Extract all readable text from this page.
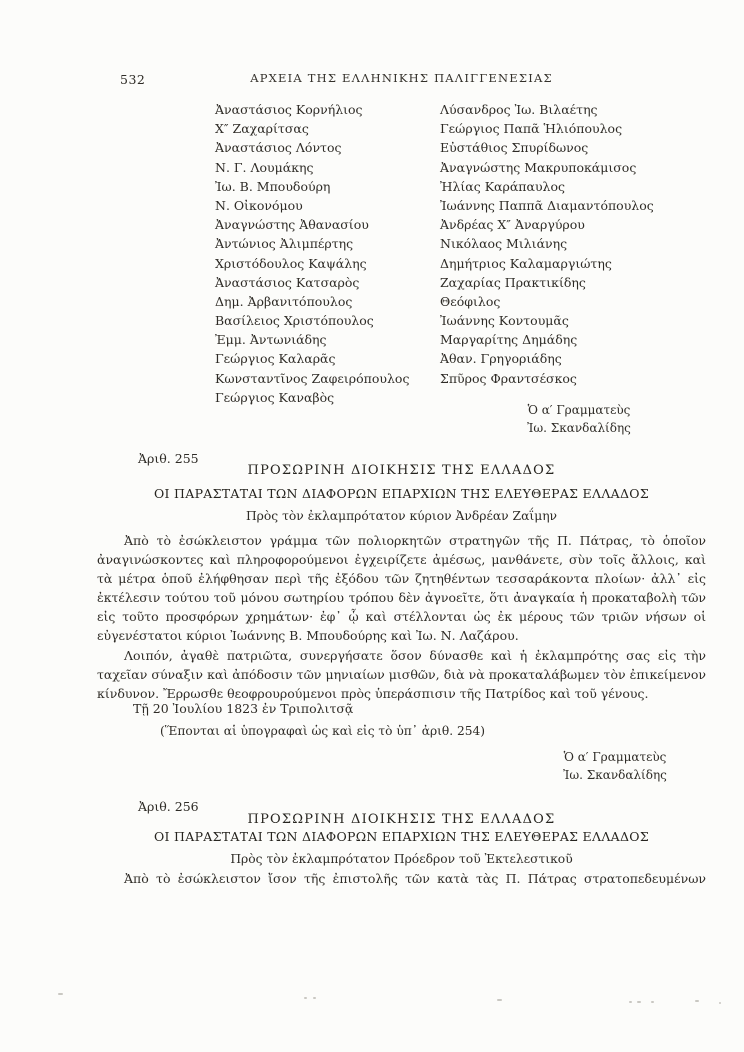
532	ΑΡΧΕΙΑ ΤΗΣ ΕΛΛΗΝΙΚΗΣ ΠΑΛΙΓΓΕΝΕΣΙΑΣ
Ἀναστάσιος Κορνήλιος	Λύσανδρος Ἰω. Βιλαέτης
Χ″ Ζαχαρίτσας	Γεώργιος Παπᾶ Ἡλιόπουλος
Ἀναστάσιος Λόντος	Εὐστάθιος Σπυρίδωνος
Ν. Γ. Λουμάκης	Ἀναγνώστης Μακρυποκάμισος
Ἰω. Β. Μπουδούρη	Ἠλίας Καράπαυλος
Ν. Οἰκονόμου	Ἰωάννης Παππᾶ Διαμαντόπουλος
Ἀναγνώστης Ἀθανασίου	Ἀνδρέας Χ″ Ἀναργύρου
Ἀντώνιος Ἀλιμπέρτης	Νικόλαος Μιλιάνης
Χριστόδουλος Καψάλης	Δημήτριος Καλαμαργιώτης
Ἀναστάσιος Κατσαρὸς	Ζαχαρίας Πρακτικίδης
Δημ. Ἀρβανιτόπουλος	Θεόφιλος
Βασίλειος Χριστόπουλος	Ἰωάννης Κοντουμᾶς
Ἐμμ. Ἀντωνιάδης	Μαργαρίτης Δημάδης
Γεώργιος Καλαρᾶς	Ἀθαν. Γρηγοριάδης
Κωνσταντῖνος Ζαφειρόπουλος	Σπῦρος Φραντσέσκος
Γεώργιος Καναβὸς
Ὁ α′ Γραμματεὺς
Ἰω. Σκανδαλίδης
Ἀριθ. 255
ΠΡΟΣΩΡΙΝΗ ΔΙΟΙΚΗΣΙΣ ΤΗΣ ΕΛΛΑΔΟΣ
ΟΙ ΠΑΡΑΣΤΑΤΑΙ ΤΩΝ ΔΙΑΦΟΡΩΝ ΕΠΑΡΧΙΩΝ ΤΗΣ ΕΛΕΥΘΕΡΑΣ ΕΛΛΑΔΟΣ
Πρὸς τὸν ἐκλαμπρότατον κύριον Ἀνδρέαν Ζαΐμην

Ἀπὸ τὸ ἐσώκλειστον γράμμα τῶν πολιορκητῶν στρατηγῶν τῆς Π. Πάτρας, τὸ ὁποῖον ἀναγινώσκοντες καὶ πληροφορούμενοι ἐγχειρίζετε ἀμέσως, μανθάνετε, σὺν τοῖς ἄλλοις, καὶ τὰ μέτρα ὁποῦ ἐλήφθησαν περὶ τῆς ἐξόδου τῶν ζητηθέντων τεσσαράκοντα πλοίων· ἀλλ᾽ εἰς ἐκτέλεσιν τούτου τοῦ μόνου σωτηρίου τρόπου δὲν ἀγνοεῖτε, ὅτι ἀναγκαία ἡ προκαταβολὴ τῶν εἰς τοῦτο προσφόρων χρημάτων· ἐφ᾽ ᾧ καὶ στέλλονται ὡς ἐκ μέρους τῶν τριῶν νήσων οἱ εὐγενέστατοι κύριοι Ἰωάννης Β. Μπουδούρης καὶ Ἰω. Ν. Λαζάρου.

Λοιπόν, ἀγαθὲ πατριῶτα, συνεργήσατε ὅσον δύνασθε καὶ ἡ ἐκλαμπρότης σας εἰς τὴν ταχεῖαν σύναξιν καὶ ἀπόδοσιν τῶν μηνιαίων μισθῶν, διὰ νὰ προκαταλάβωμεν τὸν ἐπικείμενον κίνδυνον. Ἔρρωσθε θεοφρουρούμενοι πρὸς ὑπεράσπισιν τῆς Πατρίδος καὶ τοῦ γένους.

Τῇ 20 Ἰουλίου 1823 ἐν Τριπολιτσᾷ
(Ἕπονται αἱ ὑπογραφαὶ ὡς καὶ εἰς τὸ ὑπ᾽ ἀριθ. 254)
Ὁ α′ Γραμματεὺς
Ἰω. Σκανδαλίδης
Ἀριθ. 256
ΠΡΟΣΩΡΙΝΗ ΔΙΟΙΚΗΣΙΣ ΤΗΣ ΕΛΛΑΔΟΣ
ΟΙ ΠΑΡΑΣΤΑΤΑΙ ΤΩΝ ΔΙΑΦΟΡΩΝ ΕΠΑΡΧΙΩΝ ΤΗΣ ΕΛΕΥΘΕΡΑΣ ΕΛΛΑΔΟΣ
Πρὸς τὸν ἐκλαμπρότατον Πρόεδρον τοῦ Ἐκτελεστικοῦ

Ἀπὸ τὸ ἐσώκλειστον ἴσον τῆς ἐπιστολῆς τῶν κατὰ τὰς Π. Πάτρας στρατοπεδευμένων
